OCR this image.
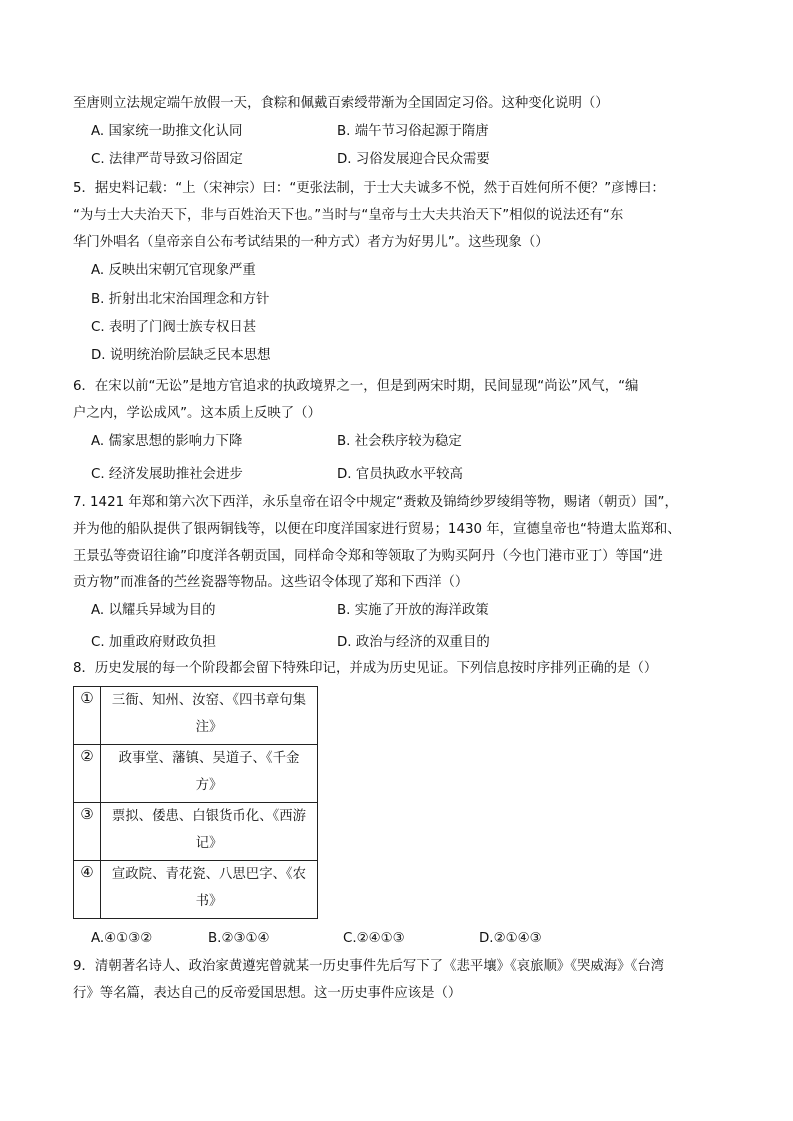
至唐则立法规定端午放假一天，食粽和佩戴百索绶带渐为全国固定习俗。这种变化说明（）
A. 国家统一助推文化认同	B. 端午节习俗起源于隋唐
C. 法律严苛导致习俗固定	D. 习俗发展迎合民众需要
5．据史料记载：“上（宋神宗）曰：“更张法制，于士大夫诚多不悦，然于百姓何所不便？”彦博曰：
“为与士大夫治天下，非与百姓治天下也。”当时与“皇帝与士大夫共治天下”相似的说法还有“东
华门外唱名（皇帝亲自公布考试结果的一种方式）者方为好男儿”。这些现象（）
A. 反映出宋朝冗官现象严重
B. 折射出北宋治国理念和方针
C. 表明了门阀士族专权日甚
D. 说明统治阶层缺乏民本思想
6．在宋以前“无讼”是地方官追求的执政境界之一，但是到两宋时期，民间显现“尚讼”风气，“编
户之内，学讼成风”。这本质上反映了（）
A. 儒家思想的影响力下降	B. 社会秩序较为稳定
C. 经济发展助推社会进步	D. 官员执政水平较高
7. 1421 年郑和第六次下西洋，永乐皇帝在诏令中规定“赉敕及锦绮纱罗绫绢等物，赐诸（朝贡）国”，
并为他的船队提供了银两铜钱等，以便在印度洋国家进行贸易；1430 年，宣德皇帝也“特遣太监郑和、
王景弘等赍诏往谕”印度洋各朝贡国，同样命令郑和等领取了为购买阿丹（今也门港市亚丁）等国“进
贡方物”而准备的苎丝瓷器等物品。这些诏令体现了郑和下西洋（）
A. 以耀兵异域为目的	B. 实施了开放的海洋政策
C. 加重政府财政负担	D. 政治与经济的双重目的
8．历史发展的每一个阶段都会留下特殊印记，并成为历史见证。下列信息按时序排列正确的是（）
①	三衙、知州、汝窑、《四书章句集
注》

②	政事堂、藩镇、吴道子、《千金
方》

③	票拟、倭患、白银货币化、《西游
记》

④	宣政院、青花瓷、八思巴字、《农
书》
A.④①③②	B.②③①④	C.②④①③	D.②①④③
9．清朝著名诗人、政治家黄遵宪曾就某一历史事件先后写下了《悲平壤》《哀旅顺》《哭威海》《台湾
行》等名篇，表达自己的反帝爱国思想。这一历史事件应该是（）
